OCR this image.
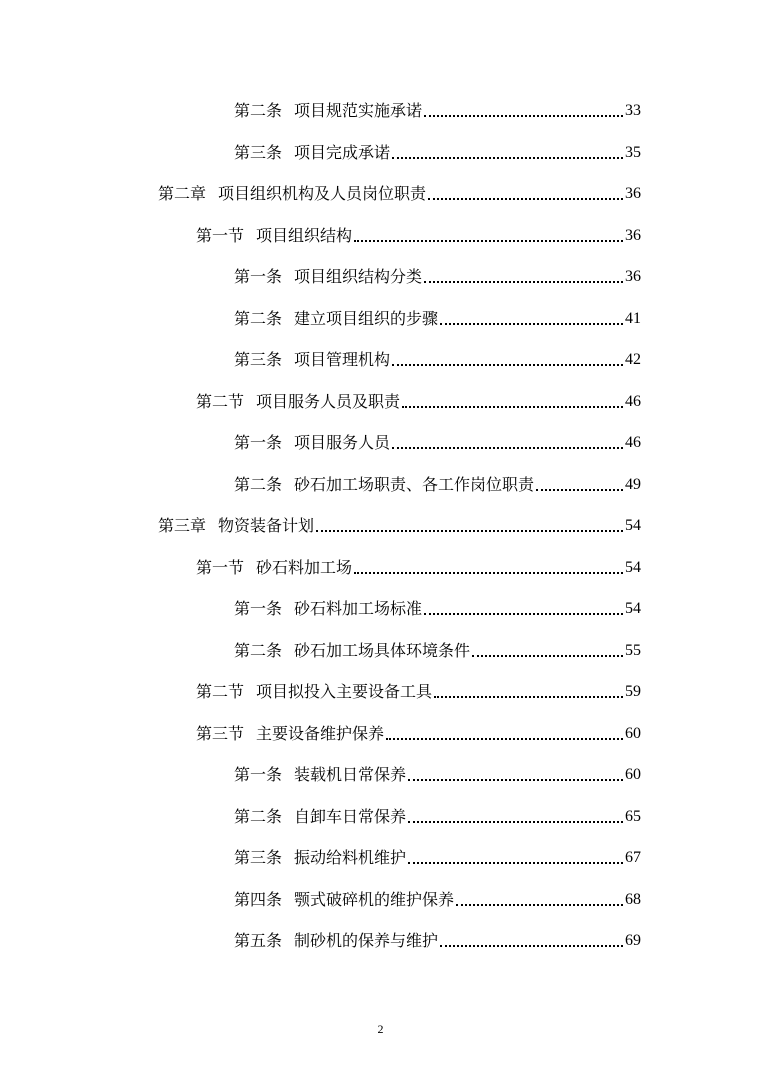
第二条 项目规范实施承诺	33
第三条 项目完成承诺	35
第二章 项目组织机构及人员岗位职责	36
第一节 项目组织结构	36
第一条 项目组织结构分类	36
第二条 建立项目组织的步骤	41
第三条 项目管理机构	42
第二节 项目服务人员及职责	46
第一条 项目服务人员	46
第二条 砂石加工场职责、各工作岗位职责	49
第三章 物资装备计划	54
第一节 砂石料加工场	54
第一条 砂石料加工场标准	54
第二条 砂石加工场具体环境条件	55
第二节 项目拟投入主要设备工具	59
第三节 主要设备维护保养	60
第一条 装载机日常保养	60
第二条 自卸车日常保养	65
第三条 振动给料机维护	67
第四条 颚式破碎机的维护保养	68
第五条 制砂机的保养与维护	69
2
